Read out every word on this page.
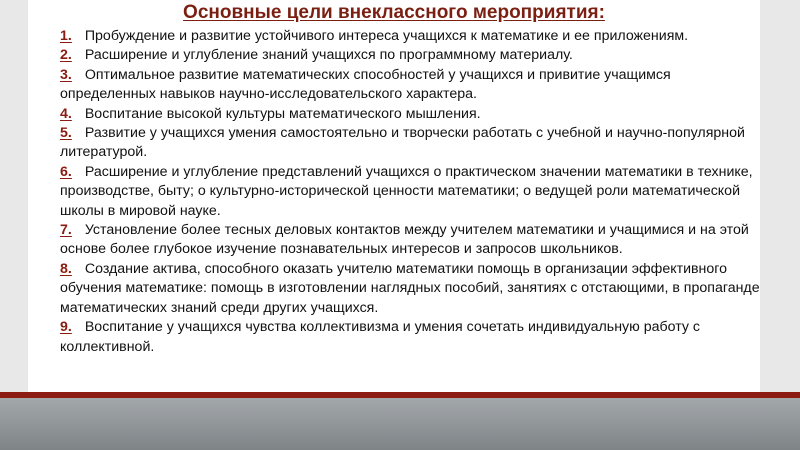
Основные цели внеклассного мероприятия:

1. Пробуждение и развитие устойчивого интереса учащихся к математике и ее приложениям.

2. Расширение и углубление знаний учащихся по программному материалу.

3. Оптимальное развитие математических способностей у учащихся и привитие учащимся определенных навыков научно-исследовательского характера.

4. Воспитание высокой культуры математического мышления.

5. Развитие у учащихся умения самостоятельно и творчески работать с учебной и научно-популярной литературой.

6. Расширение и углубление представлений учащихся о практическом значении математики в технике, производстве, быту; о культурно-исторической ценности математики; о ведущей роли математической школы в мировой науке.

7. Установление более тесных деловых контактов между учителем математики и учащимися и на этой основе более глубокое изучение познавательных интересов и запросов школьников.

8. Создание актива, способного оказать учителю математики помощь в организации эффективного обучения математике: помощь в изготовлении наглядных пособий, занятиях с отстающими, в пропаганде математических знаний среди других учащихся.

9. Воспитание у учащихся чувства коллективизма и умения сочетать индивидуальную работу с коллективной.
